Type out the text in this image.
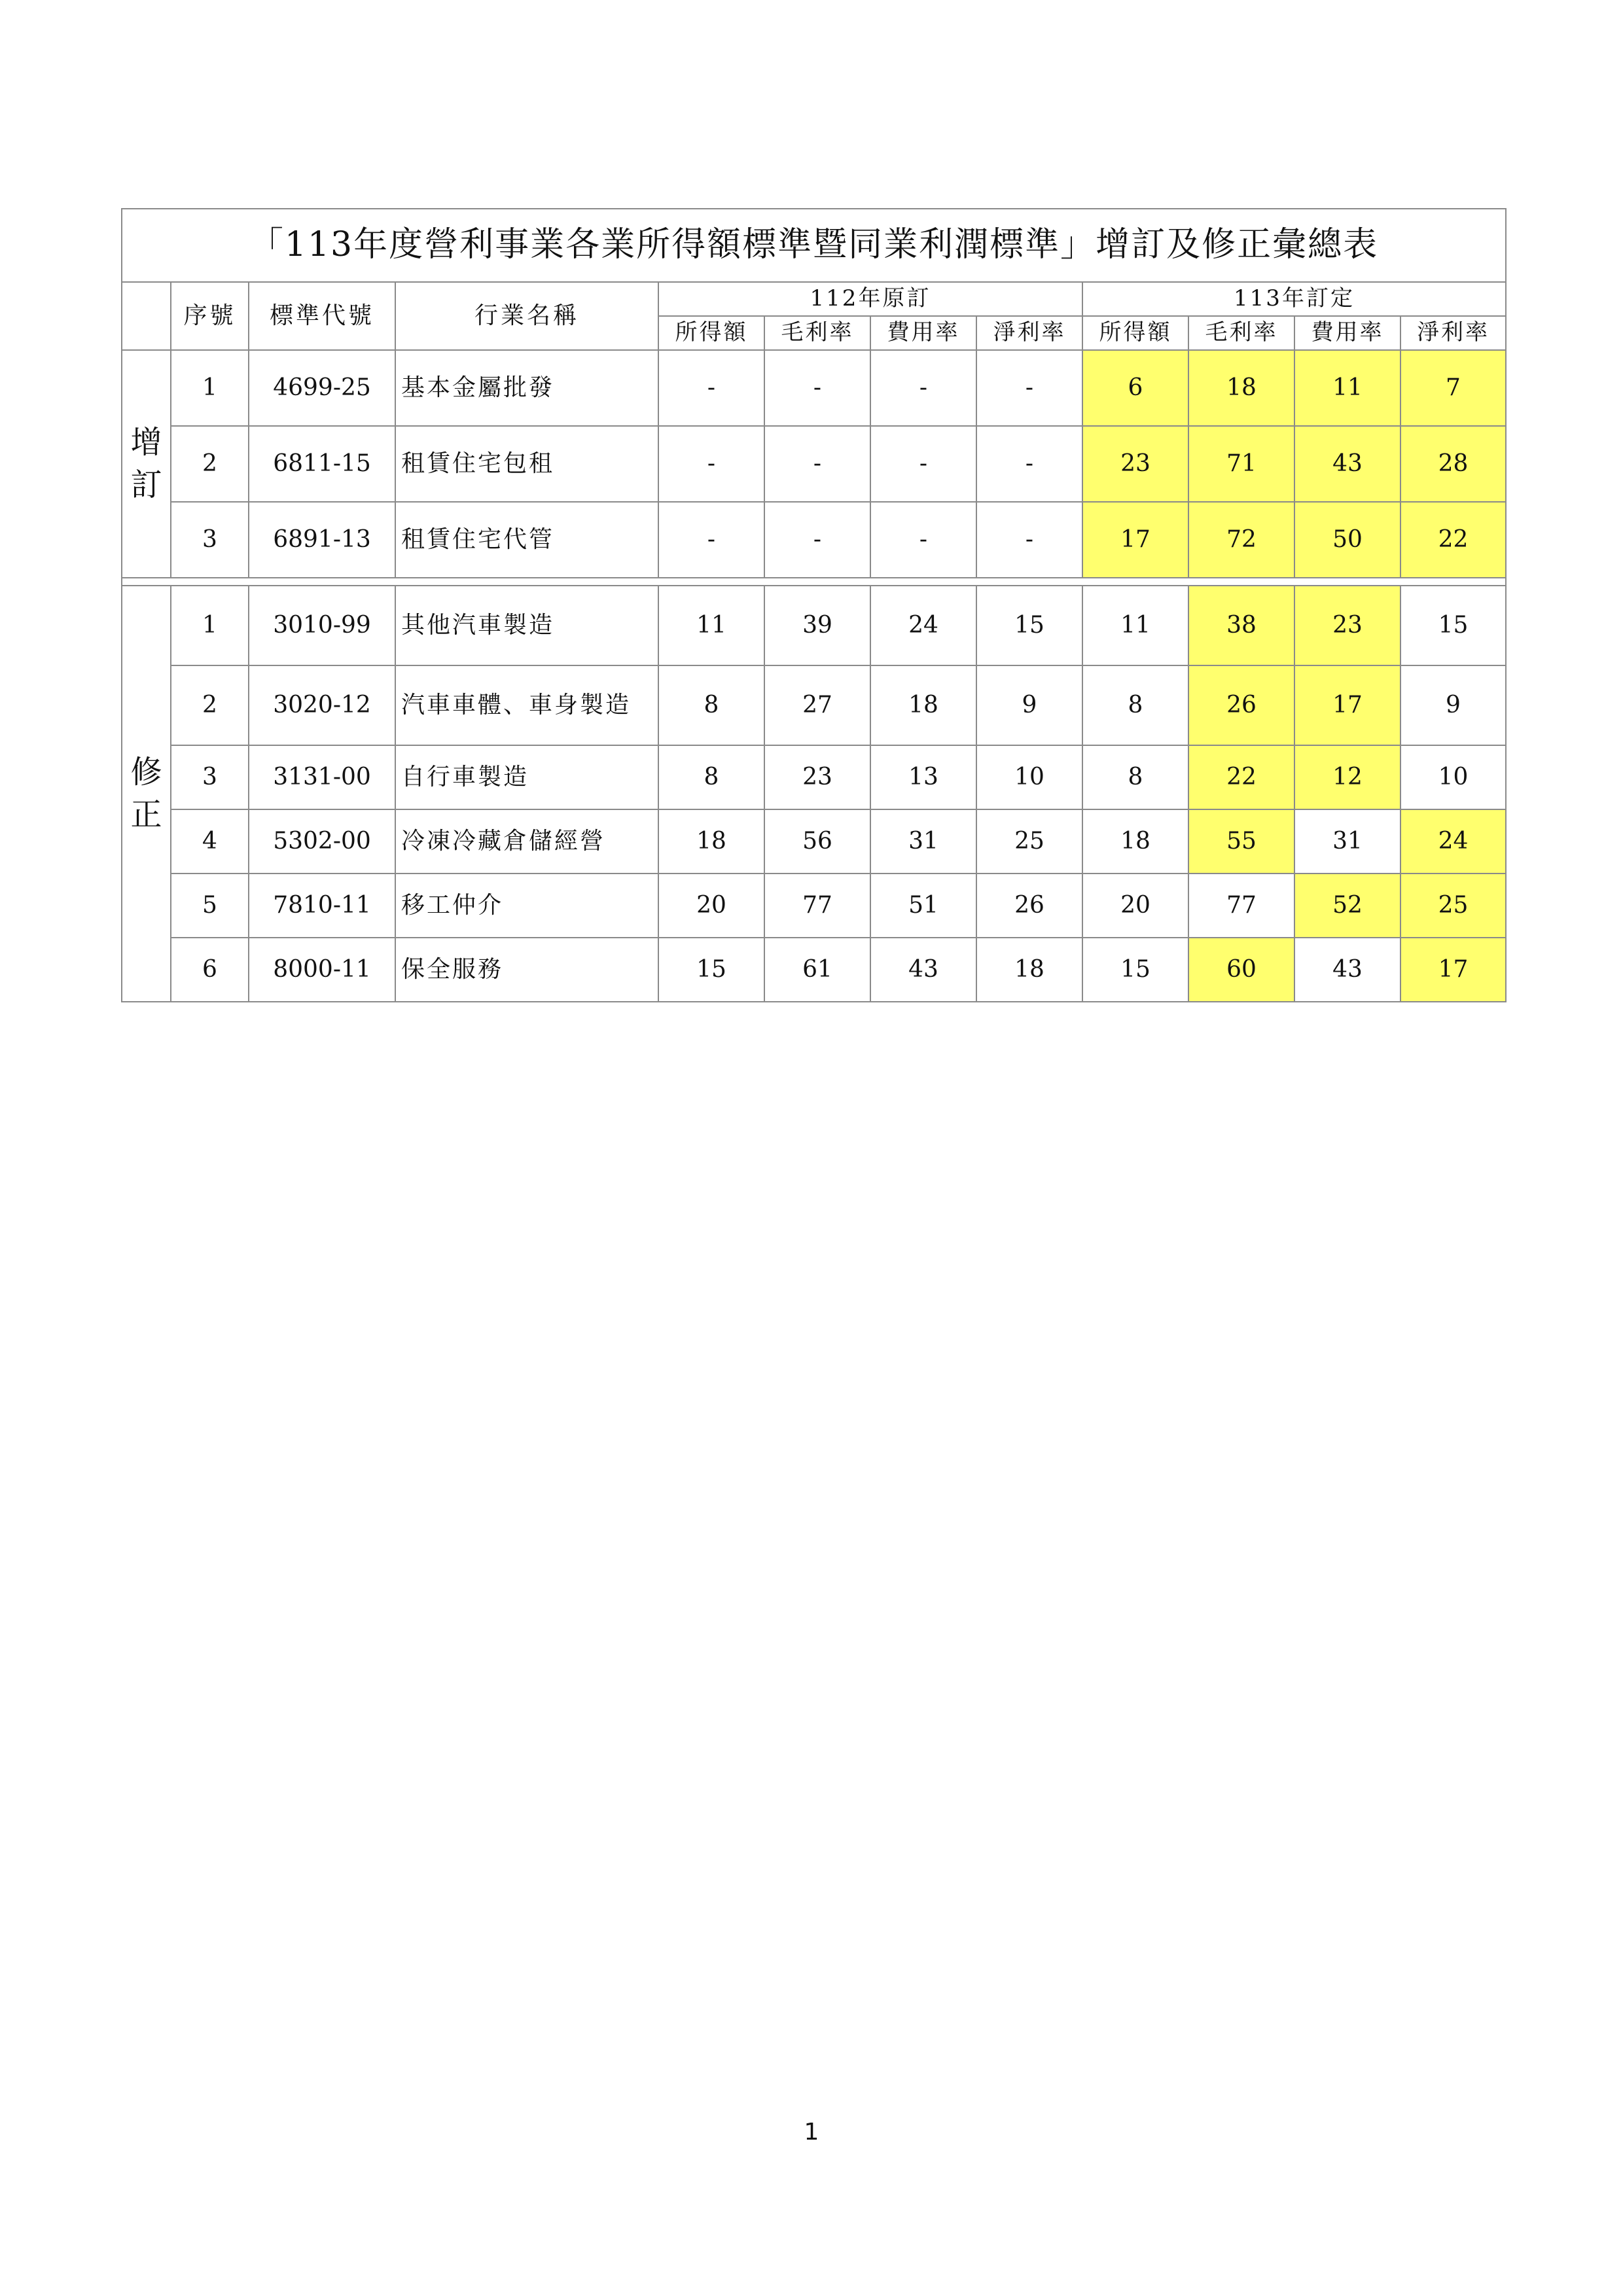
「113年度營利事業各業所得額標準暨同業利潤標準」增訂及修正彙總表											
	序號	標準代號	行業名稱	112年原訂				113年訂定			
				所得額	毛利率	費用率	淨利率	所得額	毛利率	費用率	淨利率
增
訂	1	4699-25	基本金屬批發	-	-	-	-	6	18	11	7
	2	6811-15	租賃住宅包租	-	-	-	-	23	71	43	28
	3	6891-13	租賃住宅代管	-	-	-	-	17	72	50	22

修
正	1	3010-99	其他汽車製造	11	39	24	15	11	38	23	15
	2	3020-12	汽車車體、車身製造	8	27	18	9	8	26	17	9
	3	3131-00	自行車製造	8	23	13	10	8	22	12	10
	4	5302-00	冷凍冷藏倉儲經營	18	56	31	25	18	55	31	24
	5	7810-11	移工仲介	20	77	51	26	20	77	52	25
	6	8000-11	保全服務	15	61	43	18	15	60	43	17
1
